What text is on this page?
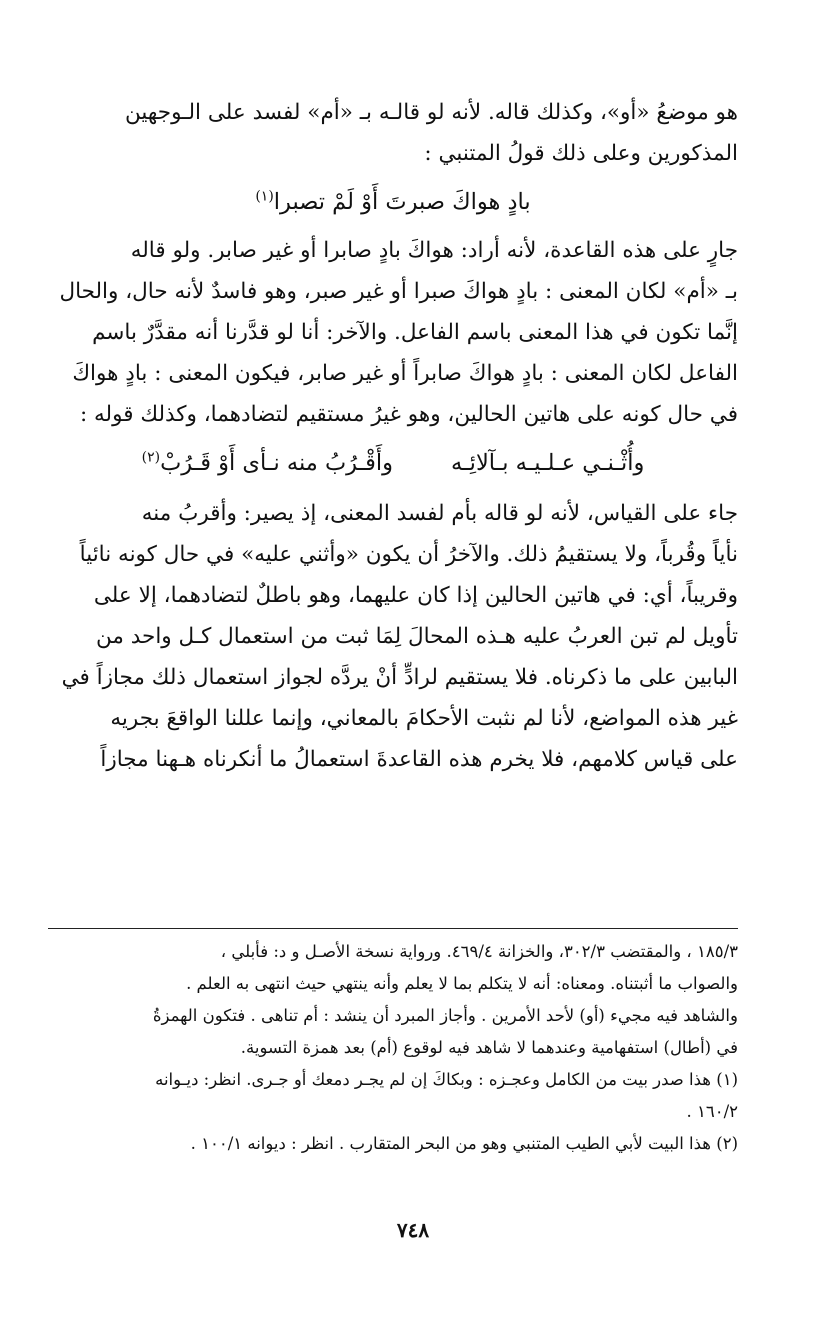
هو موضعُ «أو»، وكذلك قاله. لأنه لو قالـه بـ «أم» لفسد على الـوجهين

المذكورين وعلى ذلك قولُ المتنبي :

بادٍ هواكَ صبرتَ أَوْ لَمْ تصبرا$^{(١)}$

جارٍ على هذه القاعدة، لأنه أراد: هواكَ بادٍ صابرا أو غير صابر. ولو قاله

بـ «أم» لكان المعنى : بادٍ هواكَ صبرا أو غير صبر، وهو فاسدٌ لأنه حال، والحال

إنَّما تكون في هذا المعنى باسم الفاعل. والآخر: أنا لو قدَّرنا أنه مقدَّرٌ باسم

الفاعل لكان المعنى : بادٍ هواكَ صابراً أو غير صابر، فيكون المعنى : بادٍ هواكَ

في حال كونه على هاتين الحالين، وهو غيرُ مستقيم لتضادهما، وكذلك قوله :

وأُثْـنـي عـلـيـه بـآلائِـه
وأَقْـرُبُ منه نـأى أَوْ قَـرُبْ$^{(٢)}$

جاء على القياس، لأنه لو قاله بأم لفسد المعنى، إذ يصير: وأقربُ منه

نأياً وقُرباً، ولا يستقيمُ ذلك. والآخرُ أن يكون «وأثني عليه» في حال كونه نائياً

وقريباً، أي: في هاتين الحالين إذا كان عليهما، وهو باطلٌ لتضادهما، إلا على

تأويل لم تبن العربُ عليه هـذه المحالَ لِمَا ثبت من استعمال كـل واحد من

البابين على ما ذكرناه. فلا يستقيم لرادٍّ أنْ يردَّه لجواز استعمال ذلك مجازاً في

غير هذه المواضع، لأنا لم نثبت الأحكامَ بالمعاني، وإنما عللنا الواقعَ بجريه

على قياس كلامهم، فلا يخرم هذه القاعدةَ استعمالُ ما أنكرناه هـهنا مجازاً

١٨٥/٣ ، والمقتضب ٣٠٢/٣، والخزانة ٤٦٩/٤. ورواية نسخة الأصـل و د: فأبلي ،

والصواب ما أثبتناه. ومعناه: أنه لا يتكلم بما لا يعلم وأنه ينتهي حيث انتهى به العلم .

والشاهد فيه مجيء (أو) لأحد الأمرين . وأجاز المبرد أن ينشد : أم تناهى . فتكون الهمزةُ

في (أطال) استفهامية وعندهما لا شاهد فيه لوقوع (أم) بعد همزة التسوية.

(١) هذا صدر بيت من الكامل وعجـزه : وبكاكَ إن لم يجـر دمعك أو جـرى. انظر: ديـوانه

١٦٠/٢ .

(٢) هذا البيت لأبي الطيب المتنبي وهو من البحر المتقارب . انظر : ديوانه ١٠٠/١ .

٧٤٨
